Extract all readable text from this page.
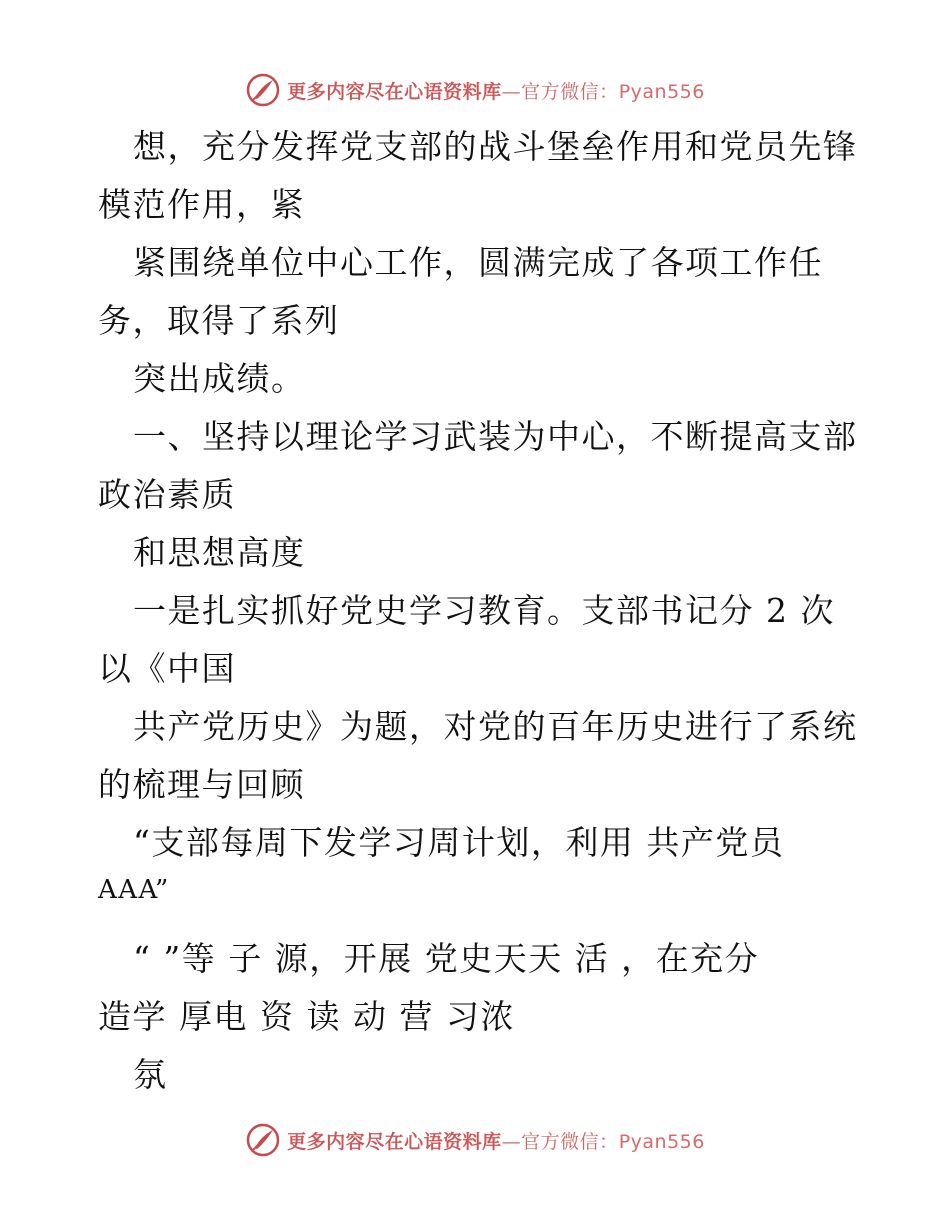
更多内容尽在心语资料库—官方微信：Pyan556
想，充分发挥党支部的战斗堡垒作用和党员先锋
模范作用，紧
紧围绕单位中心工作，圆满完成了各项工作任
务，取得了系列
突出成绩。
一、坚持以理论学习武装为中心，不断提高支部
政治素质
和思想高度
一是扎实抓好党史学习教育。支部书记分 2 次
以《中国
共产党历史》为题，对党的百年历史进行了系统
的梳理与回顾
“支部每周下发学习周计划，利用 共产党员
AAA”
“ ”等 子 源，开展 党史天天 活 ，在充分
造学 厚电 资 读 动 营 习浓
氛
更多内容尽在心语资料库—官方微信：Pyan556
